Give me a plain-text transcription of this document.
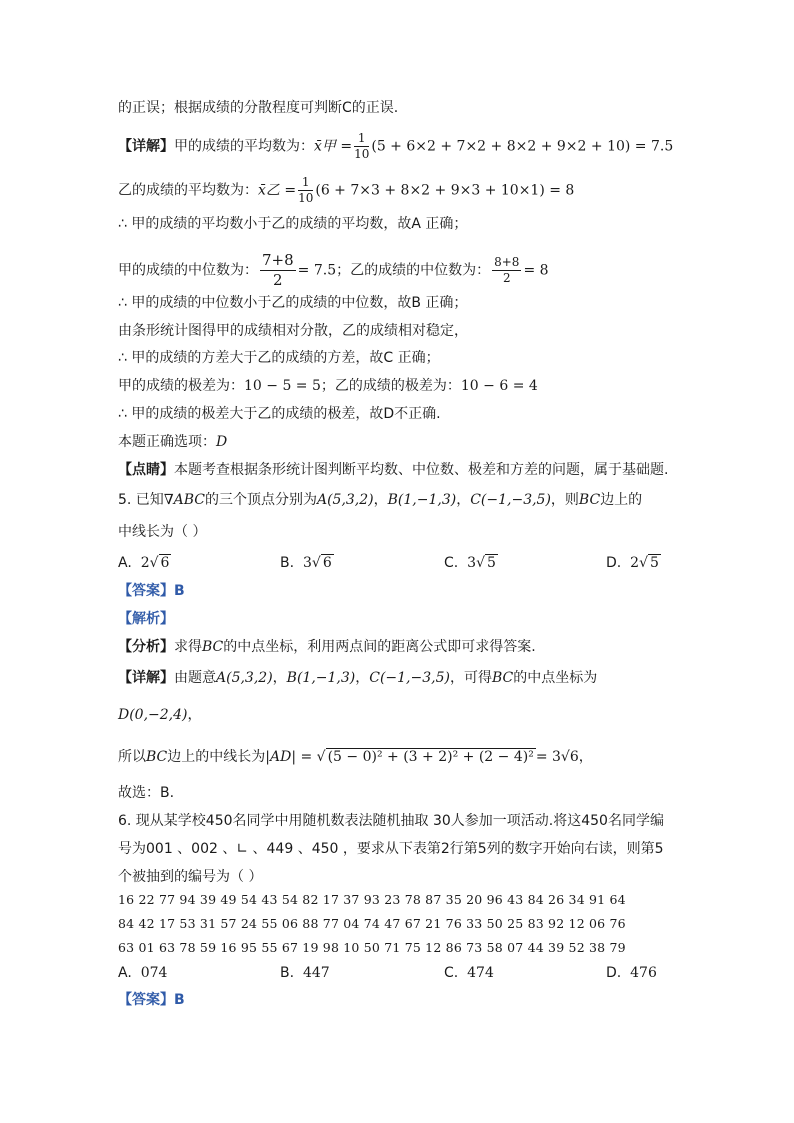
的正误；根据成绩的分散程度可判断C的正误.
【详解】甲的成绩的平均数为：x̄甲 = $\frac{1}{10} (5 + 6\times 2 + 7\times 2 + 8\times 2 + 9\times 2 + 10) = 7.5$
乙的成绩的平均数为：x̄乙 = $\frac{1}{10} (6 + 7\times 3 + 8\times 2 + 9\times 3 + 10\times 1) = 8$
∴ 甲的成绩的平均数小于乙的成绩的平均数，故A 正确；
甲的成绩的中位数为： $\frac{7+8}{2} = 7.5$；乙的成绩的中位数为： $\frac{8+8}{2} = 8$
∴ 甲的成绩的中位数小于乙的成绩的中位数，故B 正确；
由条形统计图得甲的成绩相对分散，乙的成绩相对稳定，
∴ 甲的成绩的方差大于乙的成绩的方差，故C 正确；
甲的成绩的极差为：10 − 5 = 5；乙的成绩的极差为：10 − 6 = 4
∴ 甲的成绩的极差大于乙的成绩的极差，故D不正确.
本题正确选项：D
【点睛】本题考查根据条形统计图判断平均数、中位数、极差和方差的问题，属于基础题.
5. 已知∇ABC的三个顶点分别为A(5,3,2)，B(1,−1,3)，C(−1,−3,5)，则BC边上的
中线长为（ ）
A. 2√ 6	B. 3√ 6	C. 3√ 5	D. 2√ 5
【答案】B
【解析】
【分析】求得BC的中点坐标，利用两点间的距离公式即可求得答案.
【详解】由题意A(5,3,2)，B(1,−1,3)，C(−1,−3,5)，可得BC的中点坐标为
D(0,−2,4)，
所以BC边上的中线长为|AD| = √ (5 − 0)² + (3 + 2)² + (2 − 4)² = 3√6，
故选：B.
6. 现从某学校450名同学中用随机数表法随机抽取 30人参加一项活动.将这450名同学编
号为001 、002 、∟ 、449 、450 ，要求从下表第2行第5列的数字开始向右读，则第5
个被抽到的编号为（ ）
16 22 77 94 39 49 54 43 54 82 17 37 93 23 78 87 35 20 96 43 84 26 34 91 64
84 42 17 53 31 57 24 55 06 88 77 04 74 47 67 21 76 33 50 25 83 92 12 06 76
63 01 63 78 59 16 95 55 67 19 98 10 50 71 75 12 86 73 58 07 44 39 52 38 79
A. 074	B. 447	C. 474	D. 476
【答案】B
